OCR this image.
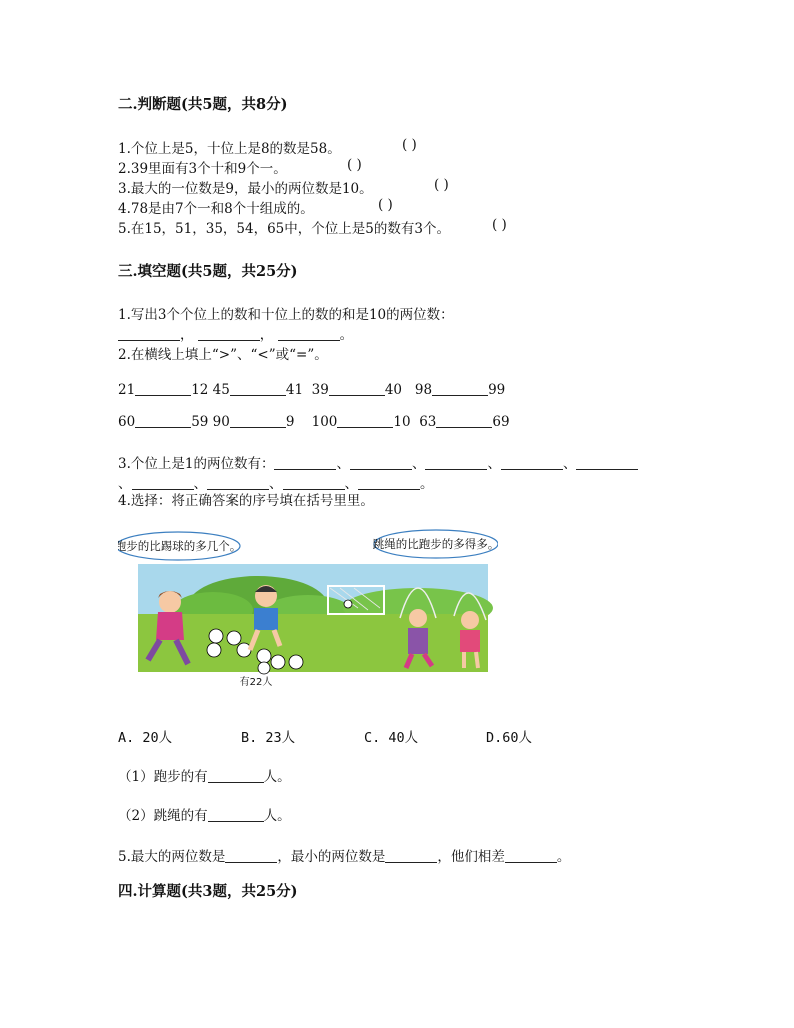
二.判断题(共5题，共8分)
1.个位上是5，十位上是8的数是58。	( )
2.39里面有3个十和9个一。	( )
3.最大的一位数是9，最小的两位数是10。	( )
4.78是由7个一和8个十组成的。	( )
5.在15，51，35，54，65中，个位上是5的数有3个。	( )
三.填空题(共5题，共25分)
1.写出3个个位上的数和十位上的数的和是10的两位数：
，	，	。
2.在横线上填上“>”、“<”或“=”。
21	12 45	41 39	40 98	99
60	59 90	9 100	10 63	69
3.个位上是1的两位数有：	、	、	、	、
、	、	、	、	。
4.选择：将正确答案的序号填在括号里里。
跑步的比踢球的多几个。	跳绳的比跑步的多得多。
有22人
A. 20人	B. 23人	C. 40人	D.60人
（1）跑步的有	人。
（2）跳绳的有	人。
5.最大的两位数是	，最小的两位数是	，他们相差	。
四.计算题(共3题，共25分)
